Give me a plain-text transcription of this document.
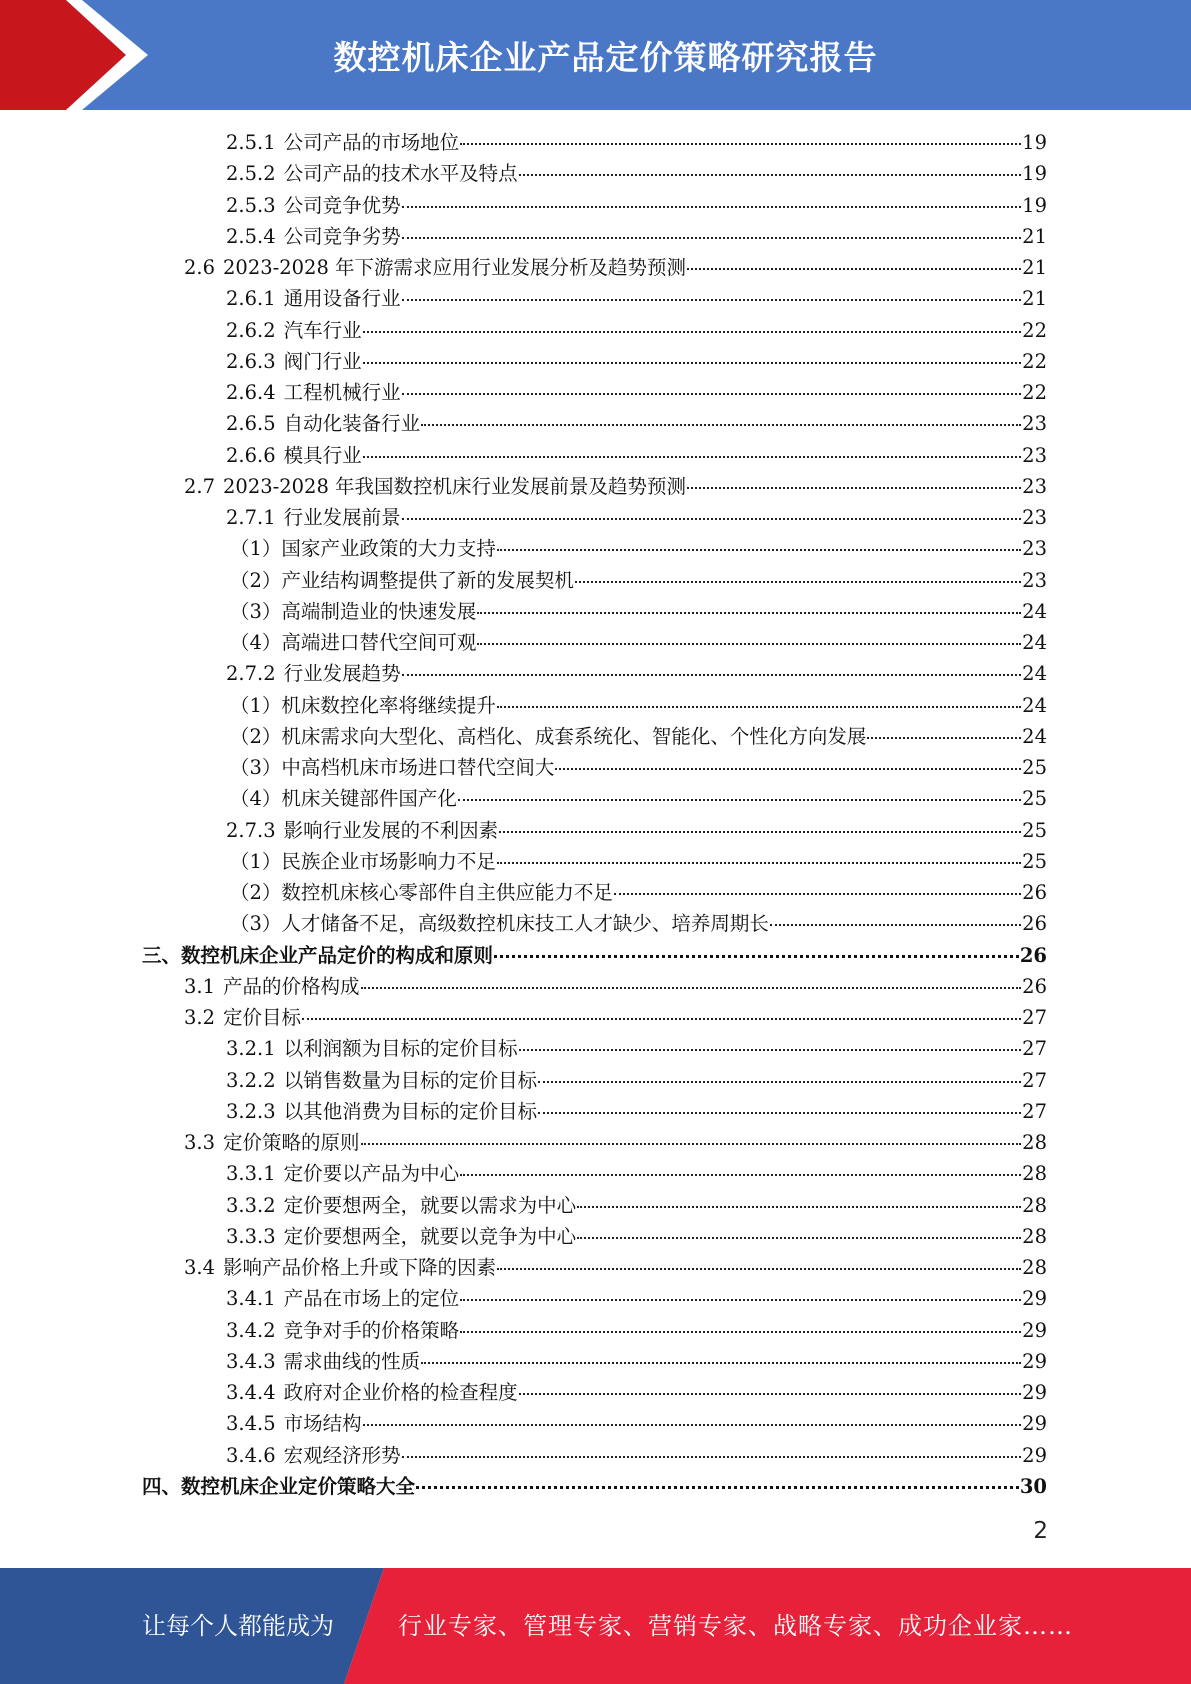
数控机床企业产品定价策略研究报告
2.5.1 公司产品的市场地位	19
2.5.2 公司产品的技术水平及特点	19
2.5.3 公司竞争优势	19
2.5.4 公司竞争劣势	21
2.6 2023-2028 年下游需求应用行业发展分析及趋势预测	21
2.6.1 通用设备行业	21
2.6.2 汽车行业	22
2.6.3 阀门行业	22
2.6.4 工程机械行业	22
2.6.5 自动化装备行业	23
2.6.6 模具行业	23
2.7 2023-2028 年我国数控机床行业发展前景及趋势预测	23
2.7.1 行业发展前景	23
（1）国家产业政策的大力支持	23
（2）产业结构调整提供了新的发展契机	23
（3）高端制造业的快速发展	24
（4）高端进口替代空间可观	24
2.7.2 行业发展趋势	24
（1）机床数控化率将继续提升	24
（2）机床需求向大型化、高档化、成套系统化、智能化、个性化方向发展	24
（3）中高档机床市场进口替代空间大	25
（4）机床关键部件国产化	25
2.7.3 影响行业发展的不利因素	25
（1）民族企业市场影响力不足	25
（2）数控机床核心零部件自主供应能力不足	26
（3）人才储备不足，高级数控机床技工人才缺少、培养周期长	26
三、数控机床企业产品定价的构成和原则	26
3.1 产品的价格构成	26
3.2 定价目标	27
3.2.1 以利润额为目标的定价目标	27
3.2.2 以销售数量为目标的定价目标	27
3.2.3 以其他消费为目标的定价目标	27
3.3 定价策略的原则	28
3.3.1 定价要以产品为中心	28
3.3.2 定价要想两全，就要以需求为中心	28
3.3.3 定价要想两全，就要以竞争为中心	28
3.4 影响产品价格上升或下降的因素	28
3.4.1 产品在市场上的定位	29
3.4.2 竞争对手的价格策略	29
3.4.3 需求曲线的性质	29
3.4.4 政府对企业价格的检查程度	29
3.4.5 市场结构	29
3.4.6 宏观经济形势	29
四、数控机床企业定价策略大全	30
2
让每个人都能成为	行业专家、管理专家、营销专家、战略专家、成功企业家……
